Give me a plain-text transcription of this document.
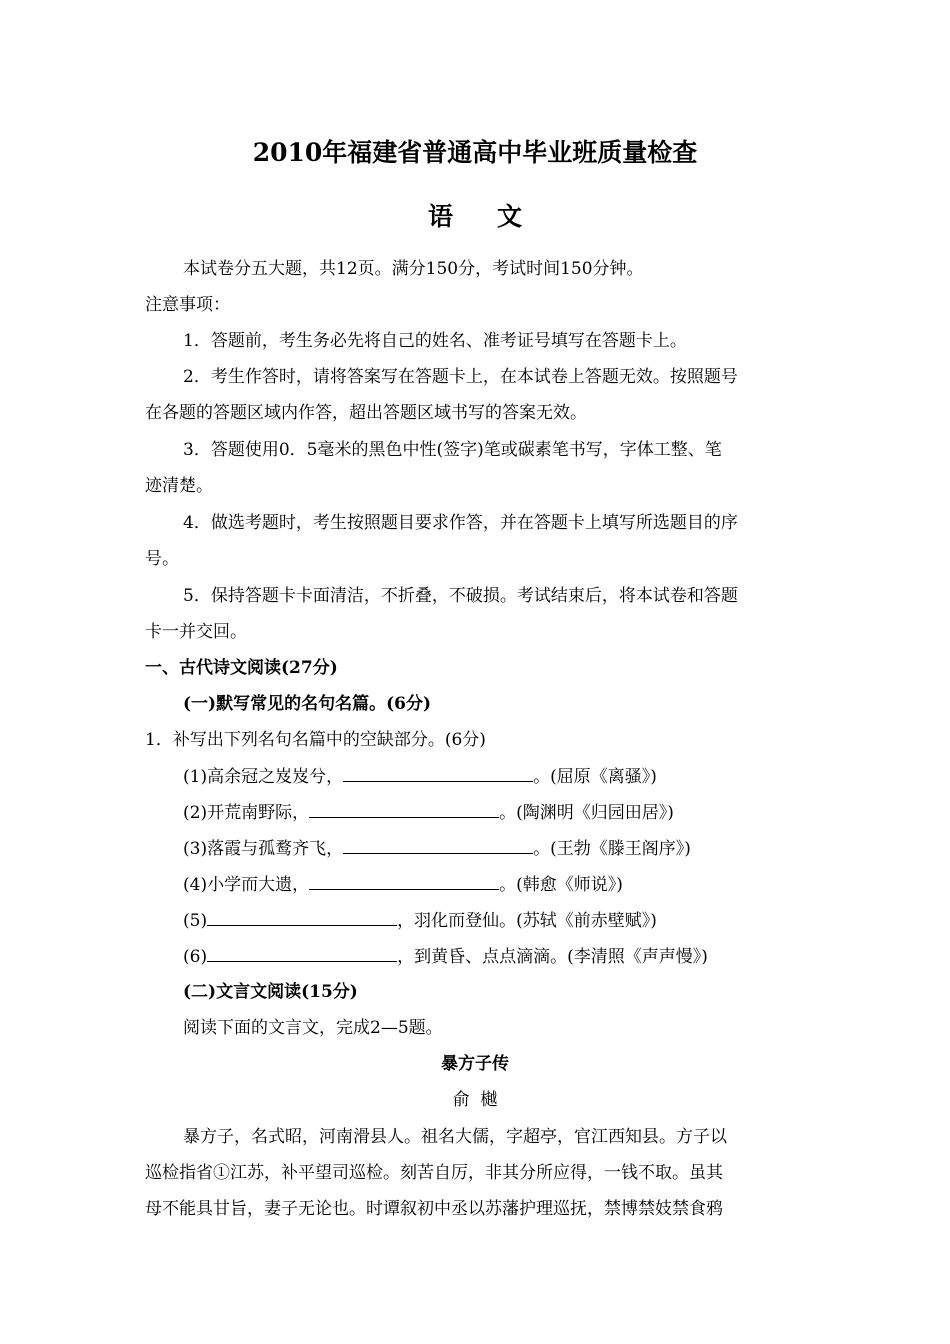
2010年福建省普通高中毕业班质量检查
语文
本试卷分五大题，共12页。满分150分，考试时间150分钟。
注意事项：
1．答题前，考生务必先将自己的姓名、准考证号填写在答题卡上。
2．考生作答时，请将答案写在答题卡上，在本试卷上答题无效。按照题号
在各题的答题区域内作答，超出答题区域书写的答案无效。
3．答题使用0．5毫米的黑色中性(签字)笔或碳素笔书写，字体工整、笔
迹清楚。
4．做选考题时，考生按照题目要求作答，并在答题卡上填写所选题目的序
号。
5．保持答题卡卡面清洁，不折叠，不破损。考试结束后，将本试卷和答题
卡一并交回。
一、古代诗文阅读(27分)
(一)默写常见的名句名篇。(6分)
1．补写出下列名句名篇中的空缺部分。(6分)
(1)高余冠之岌岌兮，	。(屈原《离骚》)
(2)开荒南野际，	。(陶渊明《归园田居》)
(3)落霞与孤鹜齐飞，	。(王勃《滕王阁序》)
(4)小学而大遗，	。(韩愈《师说》)
(5)	，羽化而登仙。(苏轼《前赤壁赋》)
(6)	，到黄昏、点点滴滴。(李清照《声声慢》)
(二)文言文阅读(15分)
阅读下面的文言文，完成2—5题。
暴方子传
俞  樾
暴方子，名式昭，河南滑县人。祖名大儒，字超亭，官江西知县。方子以
巡检指省①江苏，补平望司巡检。刻苦自厉，非其分所应得，一钱不取。虽其
母不能具甘旨，妻子无论也。时谭叙初中丞以苏藩护理巡抚，禁博禁妓禁食鸦
